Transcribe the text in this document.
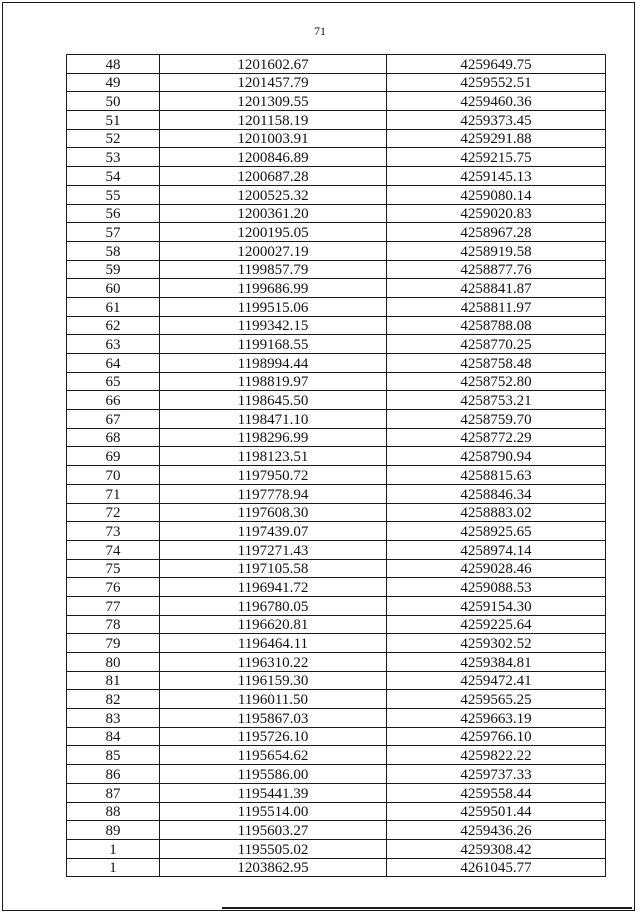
71
48	1201602.67	4259649.75
49	1201457.79	4259552.51
50	1201309.55	4259460.36
51	1201158.19	4259373.45
52	1201003.91	4259291.88
53	1200846.89	4259215.75
54	1200687.28	4259145.13
55	1200525.32	4259080.14
56	1200361.20	4259020.83
57	1200195.05	4258967.28
58	1200027.19	4258919.58
59	1199857.79	4258877.76
60	1199686.99	4258841.87
61	1199515.06	4258811.97
62	1199342.15	4258788.08
63	1199168.55	4258770.25
64	1198994.44	4258758.48
65	1198819.97	4258752.80
66	1198645.50	4258753.21
67	1198471.10	4258759.70
68	1198296.99	4258772.29
69	1198123.51	4258790.94
70	1197950.72	4258815.63
71	1197778.94	4258846.34
72	1197608.30	4258883.02
73	1197439.07	4258925.65
74	1197271.43	4258974.14
75	1197105.58	4259028.46
76	1196941.72	4259088.53
77	1196780.05	4259154.30
78	1196620.81	4259225.64
79	1196464.11	4259302.52
80	1196310.22	4259384.81
81	1196159.30	4259472.41
82	1196011.50	4259565.25
83	1195867.03	4259663.19
84	1195726.10	4259766.10
85	1195654.62	4259822.22
86	1195586.00	4259737.33
87	1195441.39	4259558.44
88	1195514.00	4259501.44
89	1195603.27	4259436.26
1	1195505.02	4259308.42
1	1203862.95	4261045.77
